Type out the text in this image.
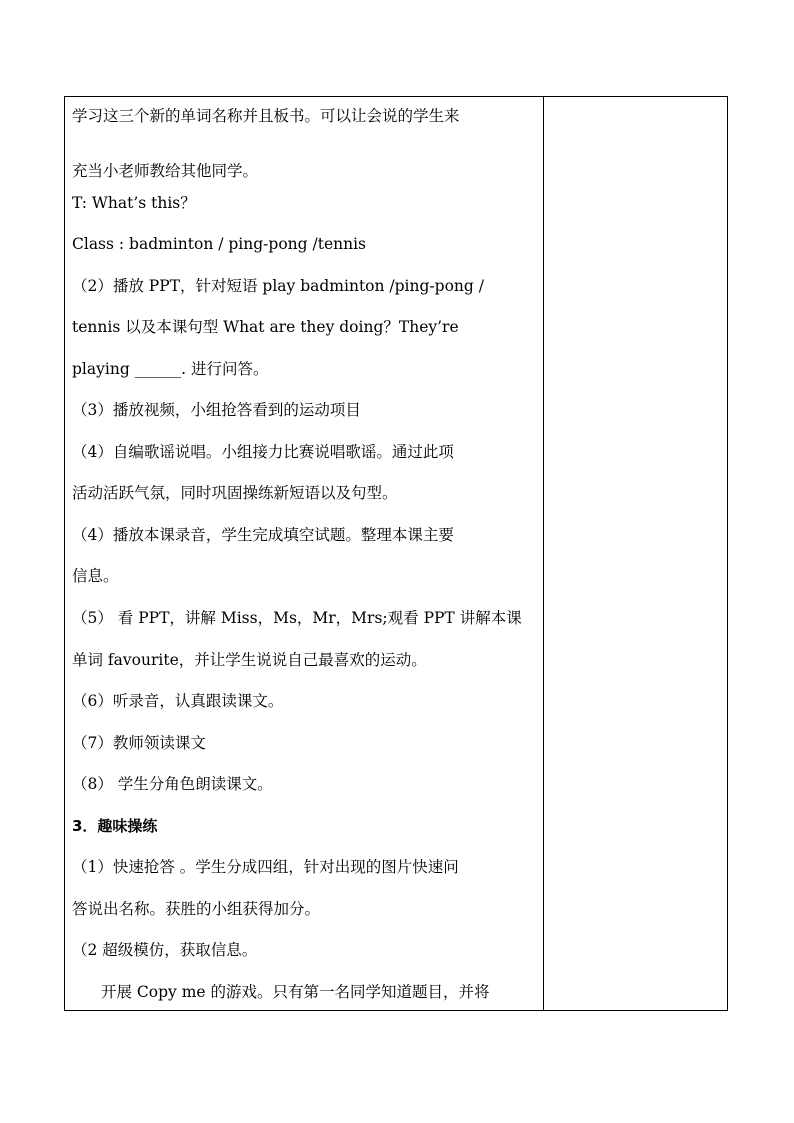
学习这三个新的单词名称并且板书。可以让会说的学生来
充当小老师教给其他同学。
T: What’s this？
Class : badminton / ping-pong /tennis
（2）播放 PPT，针对短语 play badminton /ping-pong /
tennis 以及本课句型 What are they doing？They’re
playing ______. 进行问答。
（3）播放视频，小组抢答看到的运动项目
（4）自编歌谣说唱。小组接力比赛说唱歌谣。通过此项
活动活跃气氛，同时巩固操练新短语以及句型。
（4）播放本课录音，学生完成填空试题。整理本课主要
信息。
（5） 看 PPT，讲解 Miss，Ms，Mr，Mrs;观看 PPT 讲解本课
单词 favourite，并让学生说说自己最喜欢的运动。
（6）听录音，认真跟读课文。
（7）教师领读课文
（8） 学生分角色朗读课文。
3．趣味操练
（1）快速抢答 。学生分成四组，针对出现的图片快速问
答说出名称。获胜的小组获得加分。
（2 超级模仿，获取信息。
开展 Copy me 的游戏。只有第一名同学知道题目，并将
